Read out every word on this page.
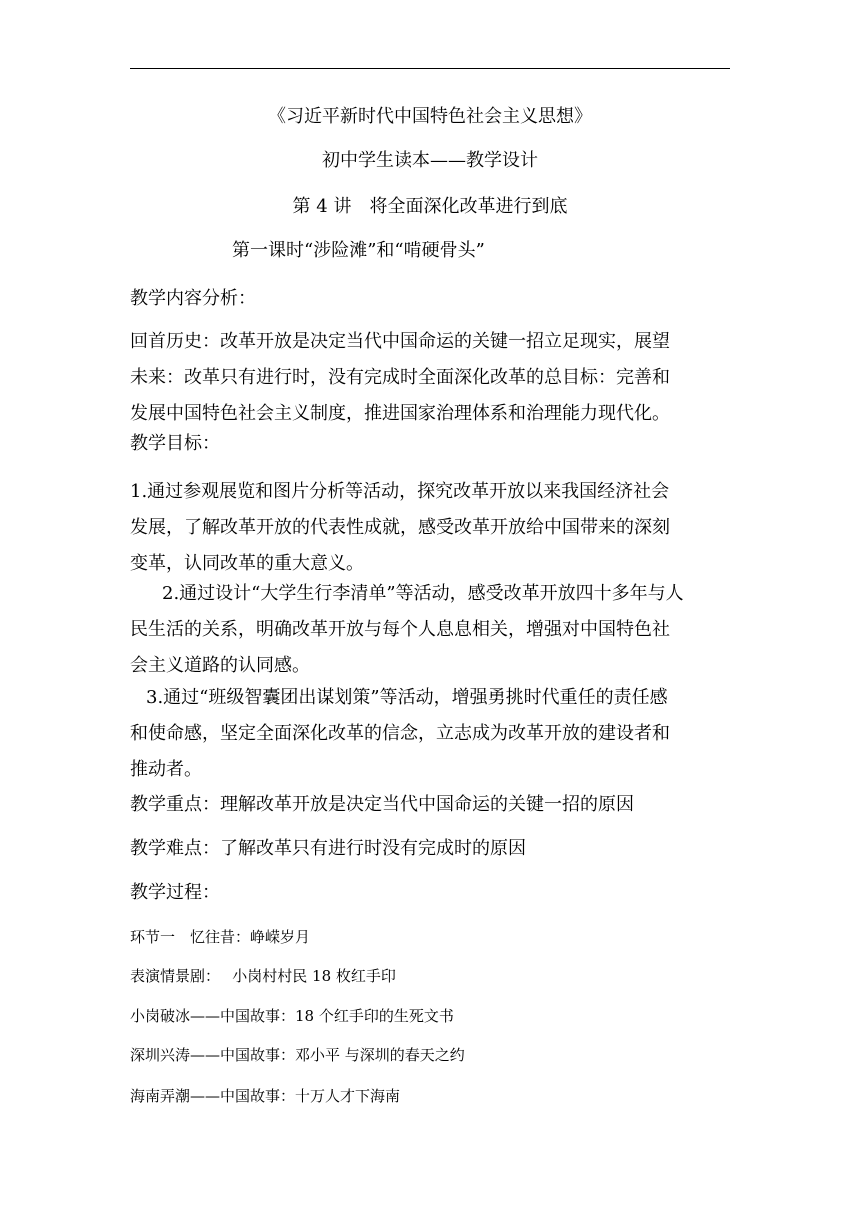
《习近平新时代中国特色社会主义思想》
初中学生读本——教学设计
第 4 讲　将全面深化改革进行到底
第一课时“涉险滩”和“啃硬骨头”
教学内容分析：
回首历史：改革开放是决定当代中国命运的关键一招立足现实，展望
未来：改革只有进行时，没有完成时全面深化改革的总目标：完善和
发展中国特色社会主义制度，推进国家治理体系和治理能力现代化。
教学目标：
1.通过参观展览和图片分析等活动，探究改革开放以来我国经济社会
发展，了解改革开放的代表性成就，感受改革开放给中国带来的深刻
变革，认同改革的重大意义。
2.通过设计“大学生行李清单”等活动，感受改革开放四十多年与人
民生活的关系，明确改革开放与每个人息息相关，增强对中国特色社
会主义道路的认同感。
3.通过“班级智囊团出谋划策”等活动，增强勇挑时代重任的责任感
和使命感，坚定全面深化改革的信念，立志成为改革开放的建设者和
推动者。
教学重点：理解改革开放是决定当代中国命运的关键一招的原因
教学难点：了解改革只有进行时没有完成时的原因
教学过程：
环节一　忆往昔：峥嵘岁月
表演情景剧：　 小岗村村民 18 枚红手印
小岗破冰——中国故事：18 个红手印的生死文书
深圳兴涛——中国故事：邓小平 与深圳的春天之约
海南弄潮——中国故事：十万人才下海南
